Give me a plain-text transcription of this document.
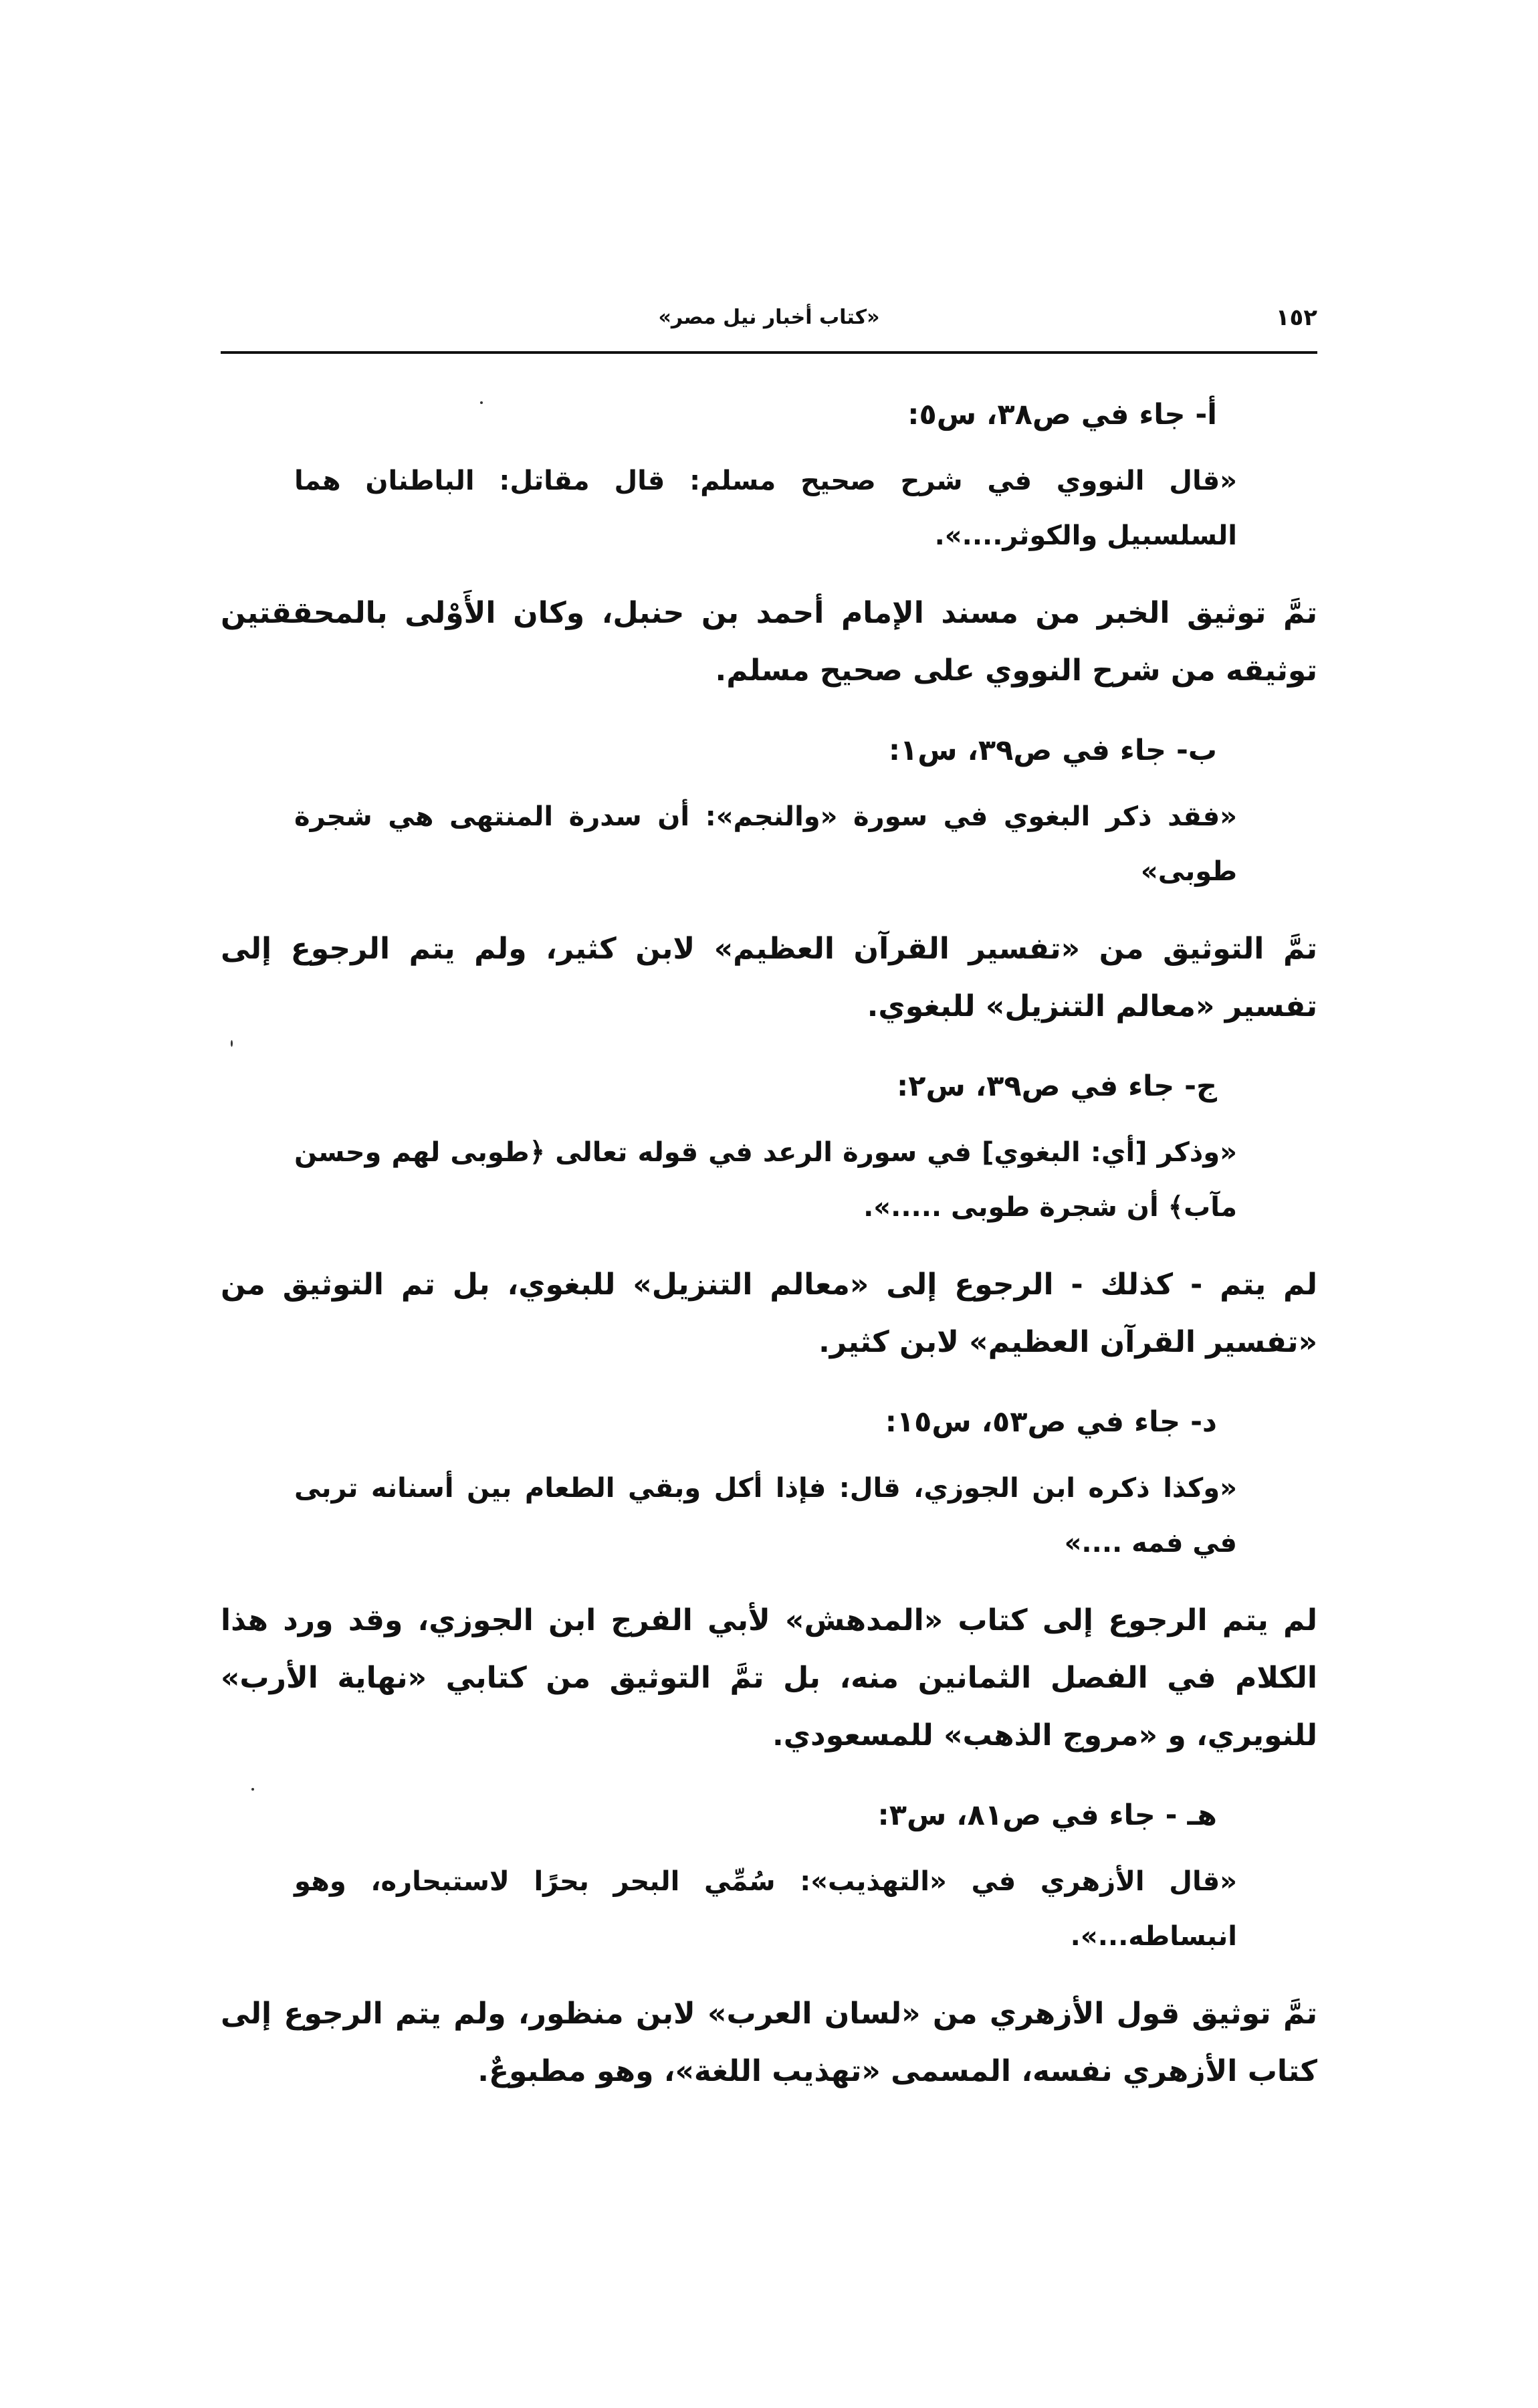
١٥٢
«كتاب أخبار نيل مصر»

أ- جاء في ص٣٨، س٥:

«قال النووي في شرح صحيح مسلم: قال مقاتل: الباطنان هما السلسبيل والكوثر....».

تمَّ توثيق الخبر من مسند الإمام أحمد بن حنبل، وكان الأَوْلى بالمحققتين توثيقه من شرح النووي على صحيح مسلم.

ب- جاء في ص٣٩، س١:

«فقد ذكر البغوي في سورة «والنجم»: أن سدرة المنتهى هي شجرة طوبى»

تمَّ التوثيق من «تفسير القرآن العظيم» لابن كثير، ولم يتم الرجوع إلى تفسير «معالم التنزيل» للبغوي.

ج- جاء في ص٣٩، س٢:

«وذكر [أي: البغوي] في سورة الرعد في قوله تعالى ﴿طوبى لهم وحسن مآب﴾ أن شجرة طوبى .....».

لم يتم - كذلك - الرجوع إلى «معالم التنزيل» للبغوي، بل تم التوثيق من «تفسير القرآن العظيم» لابن كثير.

د- جاء في ص٥٣، س١٥:

«وكذا ذكره ابن الجوزي، قال: فإذا أكل وبقي الطعام بين أسنانه تربى في فمه ....»

لم يتم الرجوع إلى كتاب «المدهش» لأبي الفرج ابن الجوزي، وقد ورد هذا الكلام في الفصل الثمانين منه، بل تمَّ التوثيق من كتابي «نهاية الأرب» للنويري، و «مروج الذهب» للمسعودي.

هـ - جاء في ص٨١، س٣:

«قال الأزهري في «التهذيب»: سُمِّي البحر بحرًا لاستبحاره، وهو انبساطه...».

تمَّ توثيق قول الأزهري من «لسان العرب» لابن منظور، ولم يتم الرجوع إلى كتاب الأزهري نفسه، المسمى «تهذيب اللغة»، وهو مطبوعٌ.
